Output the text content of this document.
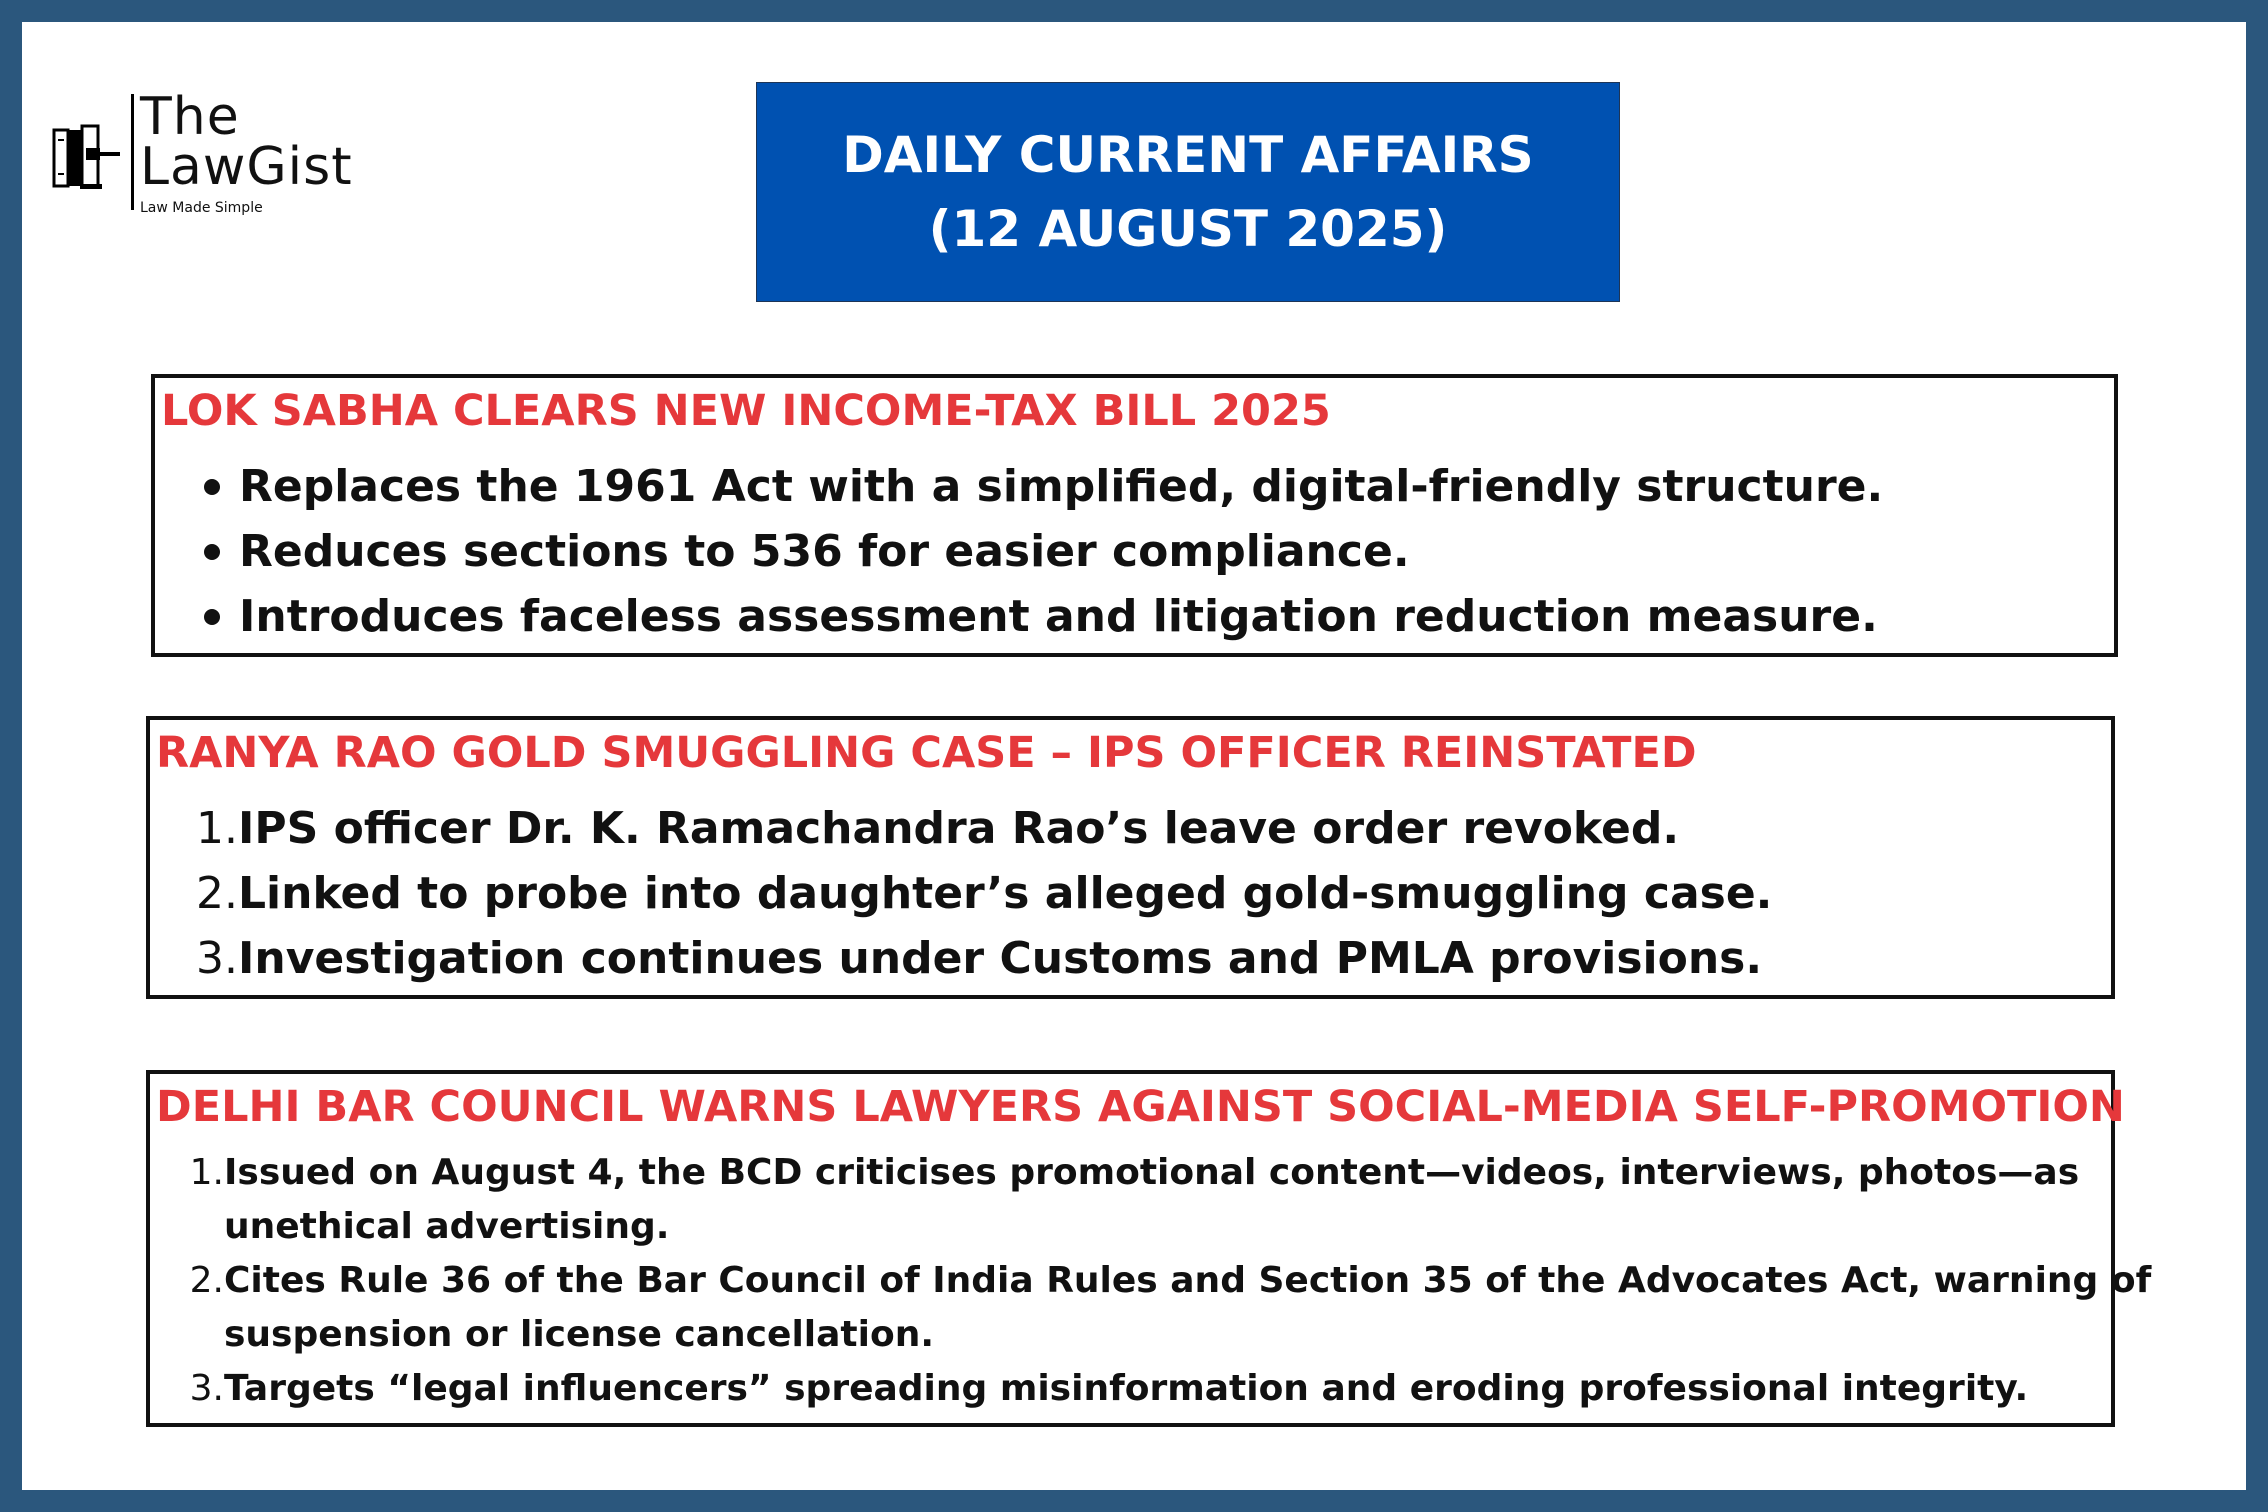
The
LawGist
Law Made Simple
DAILY CURRENT AFFAIRS
(12 AUGUST 2025)
LOK SABHA CLEARS NEW INCOME-TAX BILL 2025
Replaces the 1961 Act with a simplified, digital-friendly structure.
Reduces sections to 536 for easier compliance.
Introduces faceless assessment and litigation reduction measure.
RANYA RAO GOLD SMUGGLING CASE – IPS OFFICER REINSTATED
1. IPS officer Dr. K. Ramachandra Rao’s leave order revoked.
2. Linked to probe into daughter’s alleged gold-smuggling case.
3. Investigation continues under Customs and PMLA provisions.
DELHI BAR COUNCIL WARNS LAWYERS AGAINST SOCIAL-MEDIA SELF-PROMOTION
1. Issued on August 4, the BCD criticises promotional content—videos, interviews, photos—as
unethical advertising.
2. Cites Rule 36 of the Bar Council of India Rules and Section 35 of the Advocates Act, warning of
suspension or license cancellation.
3. Targets “legal influencers” spreading misinformation and eroding professional integrity.
